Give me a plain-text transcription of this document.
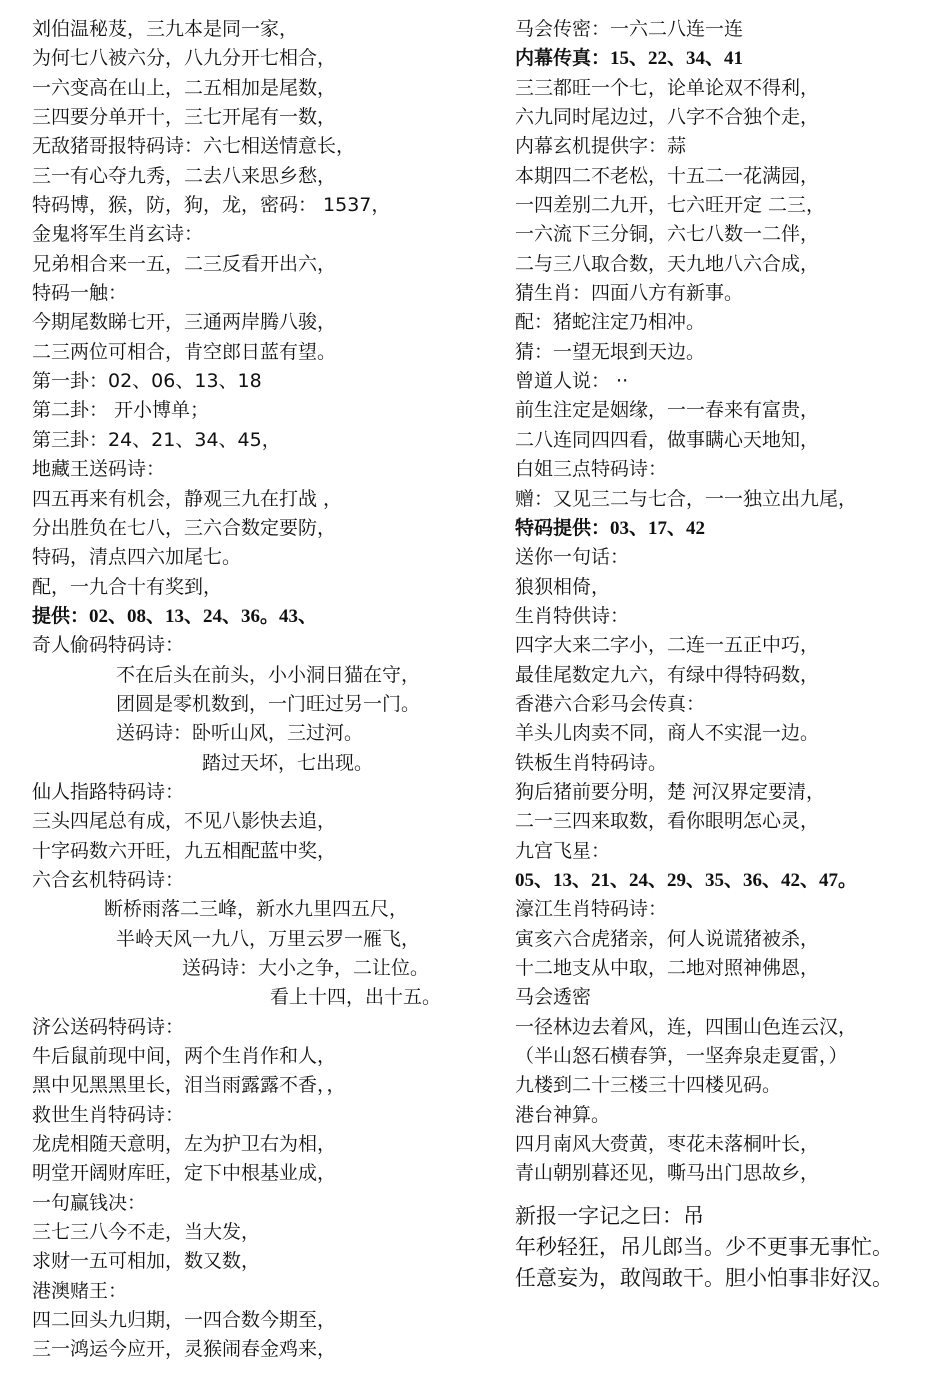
刘伯温秘芨，三九本是同一家，
为何七八被六分，八九分开七相合，
一六变高在山上，二五相加是尾数，
三四要分单开十，三七开尾有一数，
无敌猪哥报特码诗：六七相送情意长，
三一有心夺九秀，二去八来思乡愁，
特码博，猴，防，狗，龙，密码： 1537，
金鬼将军生肖玄诗：
兄弟相合来一五，二三反看开出六，
特码一触：
今期尾数睇七开，三通两岸腾八骏，
二三两位可相合，肯空郎日蓝有望。
第一卦：02、06、13、18
第二卦： 开小博单；
第三卦：24、21、34、45，
地藏王送码诗：
四五再来有机会，静观三九在打战 ，
分出胜负在七八，三六合数定要防，
特码，清点四六加尾七。
配，一九合十有奖到，
提供：02、08、13、24、36。43、
奇人偷码特码诗：
不在后头在前头，小小洞日猫在守，
团圆是零机数到，一门旺过另一门。
送码诗：卧听山风，三过河。
踏过天坏，七出现。
仙人指路特码诗：
三头四尾总有成，不见八影快去追，
十字码数六开旺，九五相配蓝中奖，
六合玄机特码诗：
断桥雨落二三峰，新水九里四五尺，
半岭天风一九八，万里云罗一雁飞，
送码诗：大小之争，二让位。
看上十四，出十五。
济公送码特码诗：
牛后鼠前现中间，两个生肖作和人，
黑中见黑黑里长，泪当雨露露不香，，
救世生肖特码诗：
龙虎相随天意明，左为护卫右为相，
明堂开阔财库旺，定下中根基业成，
一句赢钱决：
三七三八今不走，当大发，
求财一五可相加，数又数，
港澳赌王：
四二回头九归期，一四合数今期至，
三一鸿运今应开，灵猴闹春金鸡来，
马会传密：一六二八连一连
内幕传真：15、22、34、41
三三都旺一个七，论单论双不得利，
六九同时尾边过，八字不合独个走，
内幕玄机提供字：蒜
本期四二不老松，十五二一花满园，
一四差别二九开，七六旺开定 二三，
一六流下三分铜，六七八数一二伴，
二与三八取合数，天九地八六合成，
猜生肖：四面八方有新事。
配：猪蛇注定乃相冲。
猜：一望无垠到天边。
曾道人说： ··
前生注定是姻缘，一一春来有富贵，
二八连同四四看，做事瞒心天地知，
白姐三点特码诗：
赠：又见三二与七合，一一独立出九尾，
特码提供：03、17、42
送你一句话：
狼狈相倚，
生肖特供诗：
四字大来二字小，二连一五正中巧，
最佳尾数定九六，有绿中得特码数，
香港六合彩马会传真：
羊头儿肉卖不同，商人不实混一边。
铁板生肖特码诗。
狗后猪前要分明，楚 河汉界定要清，
二一三四来取数，看你眼明怎心灵，
九宫飞星：
05、13、21、24、29、35、36、42、47。
濠江生肖特码诗：
寅亥六合虎猪亲，何人说谎猪被杀，
十二地支从中取，二地对照神佛恩，
马会透密
一径林边去着风，连，四围山色连云汉，
（半山怒石横春笋，一坚奔泉走夏雷，）
九楼到二十三楼三十四楼见码。
港台神算。
四月南风大赍黄，枣花未落桐叶长，
青山朝别暮还见，嘶马出门思故乡，
新报一字记之曰：吊
年秒轻狂，吊儿郎当。少不更事无事忙。
任意妄为，敢闯敢干。胆小怕事非好汉。
